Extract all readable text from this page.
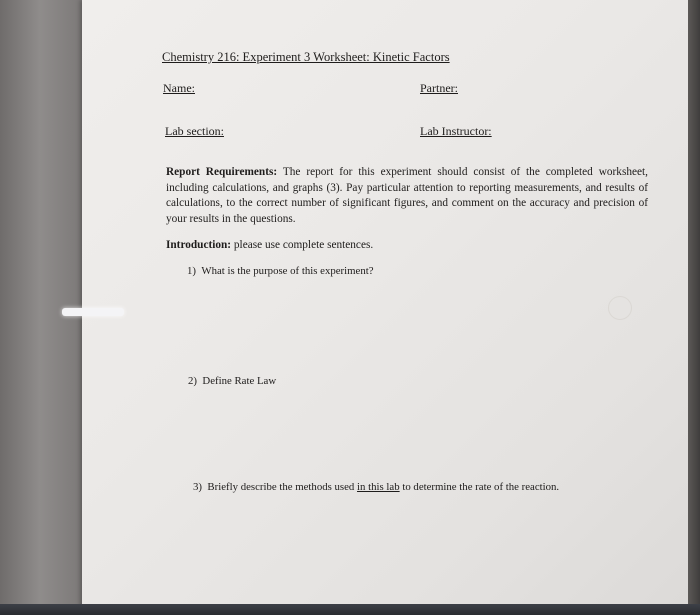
Chemistry 216: Experiment 3 Worksheet: Kinetic Factors
Name:	Partner:
Lab section:	Lab Instructor:
Report Requirements: The report for this experiment should consist of the completed worksheet, including calculations, and graphs (3). Pay particular attention to reporting measurements, and results of calculations, to the correct number of significant figures, and comment on the accuracy and precision of your results in the questions.
Introduction: please use complete sentences.
1) What is the purpose of this experiment?
2) Define Rate Law
3) Briefly describe the methods used in this lab to determine the rate of the reaction.
